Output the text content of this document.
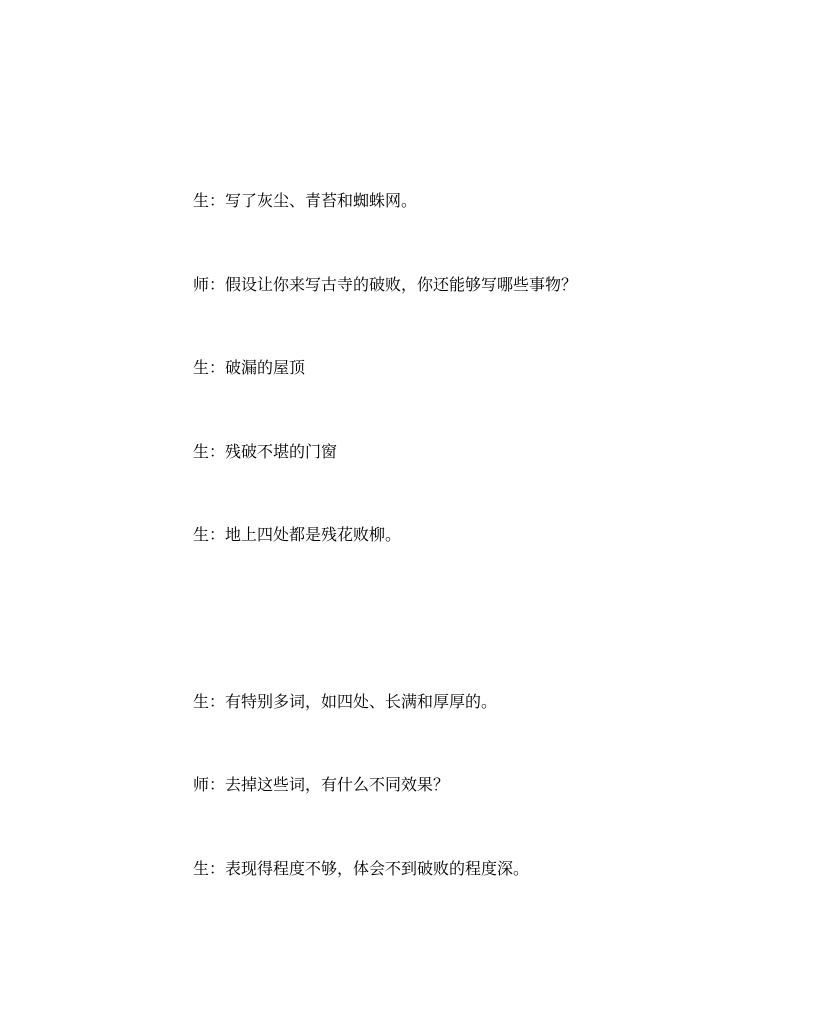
生：写了灰尘、青苔和蜘蛛网。
师：假设让你来写古寺的破败，你还能够写哪些事物？
生：破漏的屋顶
生：残破不堪的门窗
生：地上四处都是残花败柳。
生：有特别多词，如四处、长满和厚厚的。
师：去掉这些词，有什么不同效果？
生：表现得程度不够，体会不到破败的程度深。
